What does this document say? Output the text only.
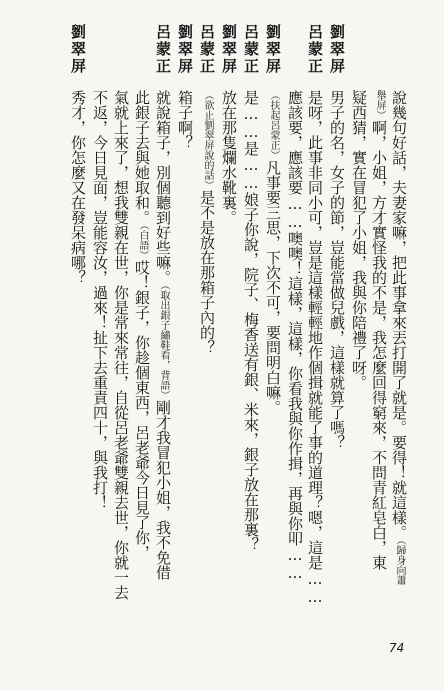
說幾句好話，夫妻家嘛，把此事拿來丟打開了就是。要得！就這樣。（歸身向蕭
舉屏）啊，小姐，方才實怪我的不是，我怎麼回得窮來，不問青紅皂白，東
疑西猜，實在冒犯了小姐，我與你陪禮了呀。
劉翠屏
男子的名，女子的節，豈能當做兒戲，這樣就算了嗎？
呂蒙正
是呀，此事非同小可，豈是這樣輕輕地作個揖就能了事的道理？嗯，這是……
應該要，應該要……噢噢！這樣，這樣，你看我與你作揖，再與你叩……
劉翠屏
（扶起呂蒙正）凡事要三思，下次不可，要問明白嘛。
呂蒙正
是……是……娘子你說，院子、梅香送有銀、米來，銀子放在那裏？
劉翠屏
放在那隻爛水靴裏。
呂蒙正
（欲止劉翠屏說的話）是不是放在那箱子內的？
劉翠屏
箱子啊？
呂蒙正
就說箱子，別個聽到好些嘛。（取出銀子繡鞋看，背語）剛才我冒犯小姐，我不免借
此銀子去與她取和。（白語）哎！銀子，你趁個東西，呂老爺今日見了你，
氣就上來了，想我雙親在世，你是常來常往，自從呂老爺雙親去世，你就一去
不返，今日見面，豈能容汝，過來！扯下去重責四十，與我打！
劉翠屏
秀才，你怎麼又在發呆病哪？
74
